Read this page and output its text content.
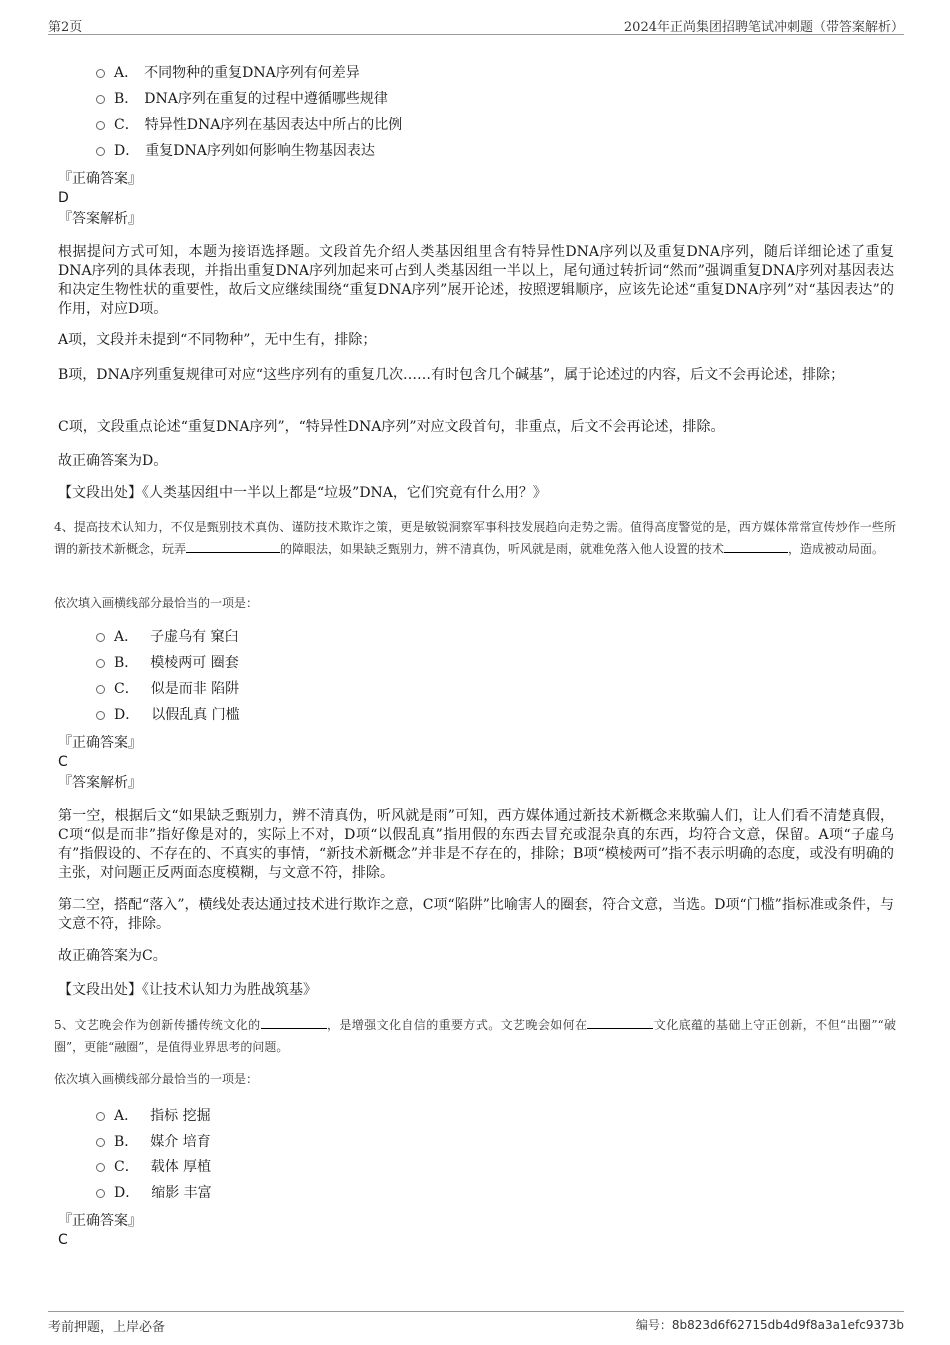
第2页	2024年正尚集团招聘笔试冲刺题（带答案解析）
A． 不同物种的重复DNA序列有何差异
B． DNA序列在重复的过程中遵循哪些规律
C． 特异性DNA序列在基因表达中所占的比例
D． 重复DNA序列如何影响生物基因表达
『正确答案』
D
『答案解析』
根据提问方式可知，本题为接语选择题。文段首先介绍人类基因组里含有特异性DNA序列以及重复DNA序列，随后详细论述了重复DNA序列的具体表现，并指出重复DNA序列加起来可占到人类基因组一半以上，尾句通过转折词“然而”强调重复DNA序列对基因表达和决定生物性状的重要性，故后文应继续围绕“重复DNA序列”展开论述，按照逻辑顺序，应该先论述“重复DNA序列”对“基因表达”的作用，对应D项。
A项，文段并未提到“不同物种”，无中生有，排除；
B项，DNA序列重复规律可对应“这些序列有的重复几次……有时包含几个碱基”，属于论述过的内容，后文不会再论述，排除；
C项，文段重点论述“重复DNA序列”，“特异性DNA序列”对应文段首句，非重点，后文不会再论述，排除。
故正确答案为D。
【文段出处】《人类基因组中一半以上都是“垃圾”DNA，它们究竟有什么用？》
4、提高技术认知力，不仅是甄别技术真伪、谨防技术欺诈之策，更是敏锐洞察军事科技发展趋向走势之需。值得高度警觉的是，西方媒体常常宣传炒作一些所谓的新技术新概念，玩弄	的障眼法，如果缺乏甄别力，辨不清真伪，听风就是雨，就难免落入他人设置的技术	，造成被动局面。
依次填入画横线部分最恰当的一项是：
A． 子虚乌有 窠臼
B． 模棱两可 圈套
C． 似是而非 陷阱
D． 以假乱真 门槛
『正确答案』
C
『答案解析』
第一空，根据后文“如果缺乏甄别力，辨不清真伪，听风就是雨”可知，西方媒体通过新技术新概念来欺骗人们，让人们看不清楚真假，C项“似是而非”指好像是对的，实际上不对，D项“以假乱真”指用假的东西去冒充或混杂真的东西，均符合文意，保留。A项“子虚乌有”指假设的、不存在的、不真实的事情，“新技术新概念”并非是不存在的，排除；B项“模棱两可”指不表示明确的态度，或没有明确的主张，对问题正反两面态度模糊，与文意不符，排除。
第二空，搭配“落入”，横线处表达通过技术进行欺诈之意，C项“陷阱”比喻害人的圈套，符合文意，当选。D项“门槛”指标准或条件，与文意不符，排除。
故正确答案为C。
【文段出处】《让技术认知力为胜战筑基》
5、文艺晚会作为创新传播传统文化的	，是增强文化自信的重要方式。文艺晚会如何在	文化底蕴的基础上守正创新，不但“出圈”“破圈”，更能“融圈”，是值得业界思考的问题。
依次填入画横线部分最恰当的一项是：
A． 指标 挖掘
B． 媒介 培育
C． 载体 厚植
D． 缩影 丰富
『正确答案』
C
考前押题，上岸必备	编号：8b823d6f62715db4d9f8a3a1efc9373b
